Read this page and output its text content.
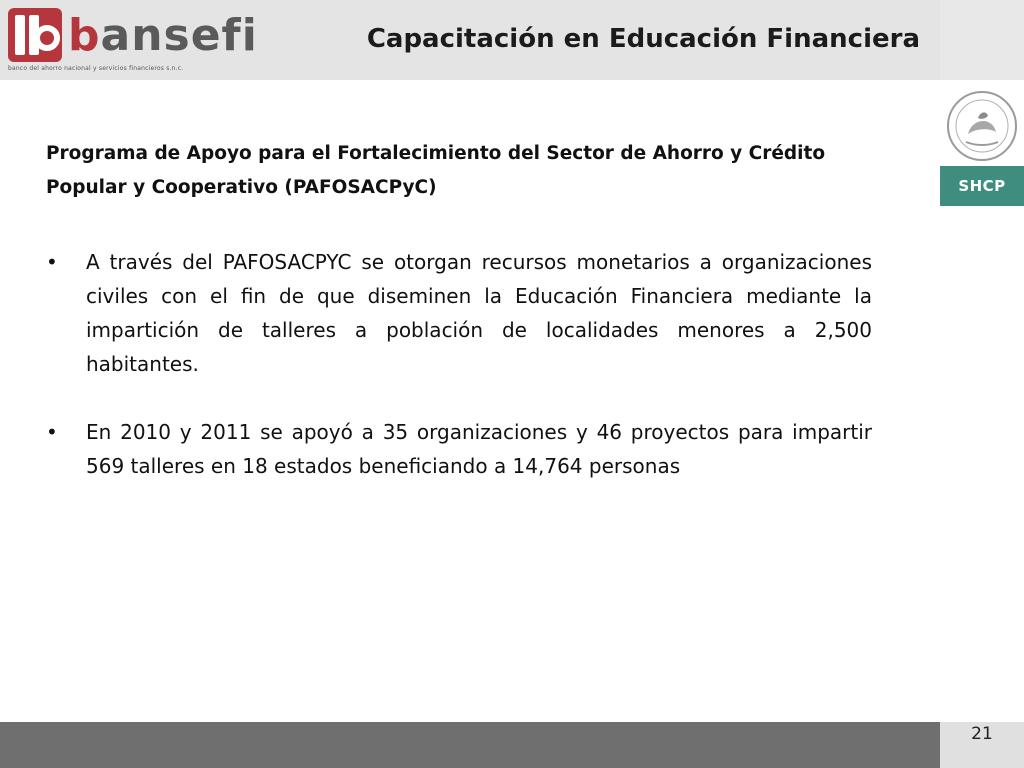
bansefi
banco del ahorro nacional y servicios financieros s.n.c.
Capacitación en Educación Financiera
SHCP
Programa de Apoyo para el Fortalecimiento del Sector de Ahorro y Crédito Popular y Cooperativo (PAFOSACPyC)
• A través del PAFOSACPYC se otorgan recursos monetarios a organizaciones civiles con el fin de que diseminen la Educación Financiera mediante la impartición de talleres a población de localidades menores a 2,500 habitantes.
• En 2010 y 2011 se apoyó a 35 organizaciones y 46 proyectos para impartir 569 talleres en 18 estados beneficiando a 14,764 personas
21
